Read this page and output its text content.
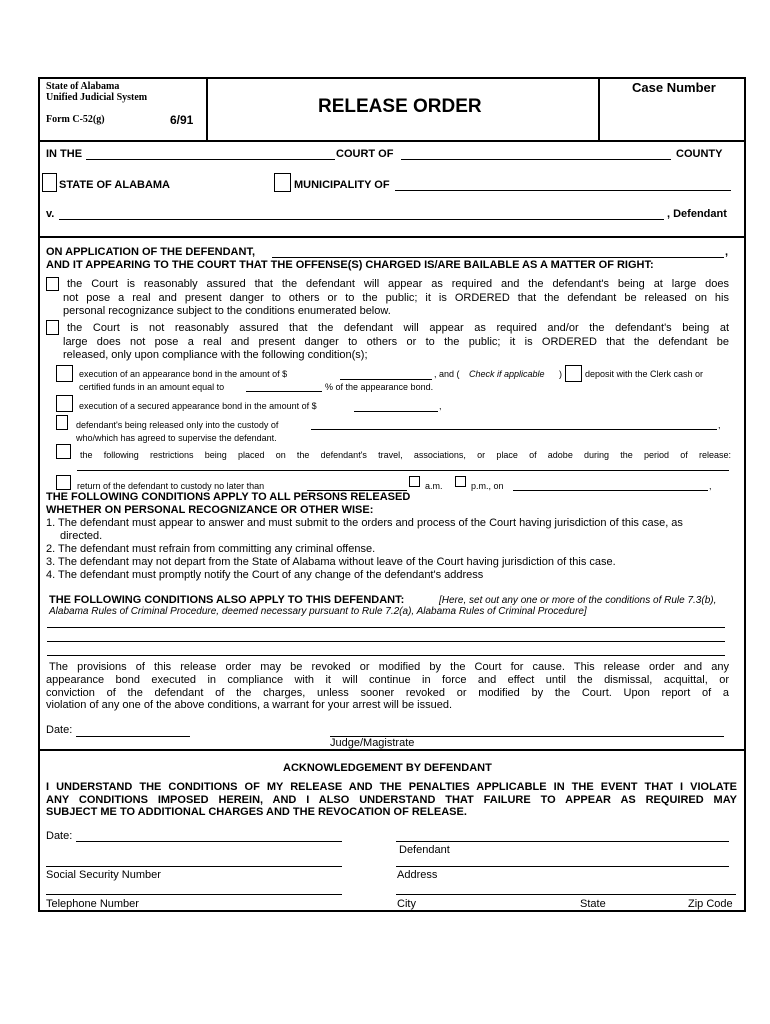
State of Alabama
Unified Judicial System
Form C-52(g)	6/91
RELEASE ORDER
Case Number
IN THE	COURT OF	COUNTY
STATE OF ALABAMA	MUNICIPALITY OF
v.	, Defendant
ON APPLICATION OF THE DEFENDANT,	,
AND IT APPEARING TO THE COURT THAT THE OFFENSE(S) CHARGED IS/ARE BAILABLE AS A MATTER OF RIGHT:
the Court is reasonably assured that the defendant will appear as required and the defendant's being at large does
not pose a real and present danger to others or to the public; it is ORDERED that the defendant be released on his
personal recognizance subject to the conditions enumerated below.
the Court is not reasonably assured that the defendant will appear as required and/or the defendant's being at
large does not pose a real and present danger to others or to the public; it is ORDERED that the defendant be
released, only upon compliance with the following condition(s);
execution of an appearance bond in the amount of $	, and ( Check if applicable )	deposit with the Clerk cash or
certified funds in an amount equal to	% of the appearance bond.
execution of a secured appearance bond in the amount of $	,
defendant's being released only into the custody of	,
who/which has agreed to supervise the defendant.
the following restrictions being placed on the defendant's travel, associations, or place of adobe during the period of release:
return of the defendant to custody no later than	a.m.	p.m., on	,
THE FOLLOWING CONDITIONS APPLY TO ALL PERSONS RELEASED
WHETHER ON PERSONAL RECOGNIZANCE OR OTHER WISE:
1. The defendant must appear to answer and must submit to the orders and process of the Court having jurisdiction of this case, as
directed.
2. The defendant must refrain from committing any criminal offense.
3. The defendant may not depart from the State of Alabama without leave of the Court having jurisdiction of this case.
4. The defendant must promptly notify the Court of any change of the defendant's address
THE FOLLOWING CONDITIONS ALSO APPLY TO THIS DEFENDANT:	[Here, set out any one or more of the conditions of Rule 7.3(b),
Alabama Rules of Criminal Procedure, deemed necessary pursuant to Rule 7.2(a), Alabama Rules of Criminal Procedure]
The provisions of this release order may be revoked or modified by the Court for cause. This release order and any
appearance bond executed in compliance with it will continue in force and effect until the dismissal, acquittal, or
conviction of the defendant of the charges, unless sooner revoked or modified by the Court. Upon report of a
violation of any one of the above conditions, a warrant for your arrest will be issued.
Date:
Judge/Magistrate
ACKNOWLEDGEMENT BY DEFENDANT
I UNDERSTAND THE CONDITIONS OF MY RELEASE AND THE PENALTIES APPLICABLE IN THE EVENT THAT I VIOLATE
ANY CONDITIONS IMPOSED HEREIN, AND I ALSO UNDERSTAND THAT FAILURE TO APPEAR AS REQUIRED MAY
SUBJECT ME TO ADDITIONAL CHARGES AND THE REVOCATION OF RELEASE.
Date:
Defendant
Social Security Number	Address
Telephone Number	City	State	Zip Code
